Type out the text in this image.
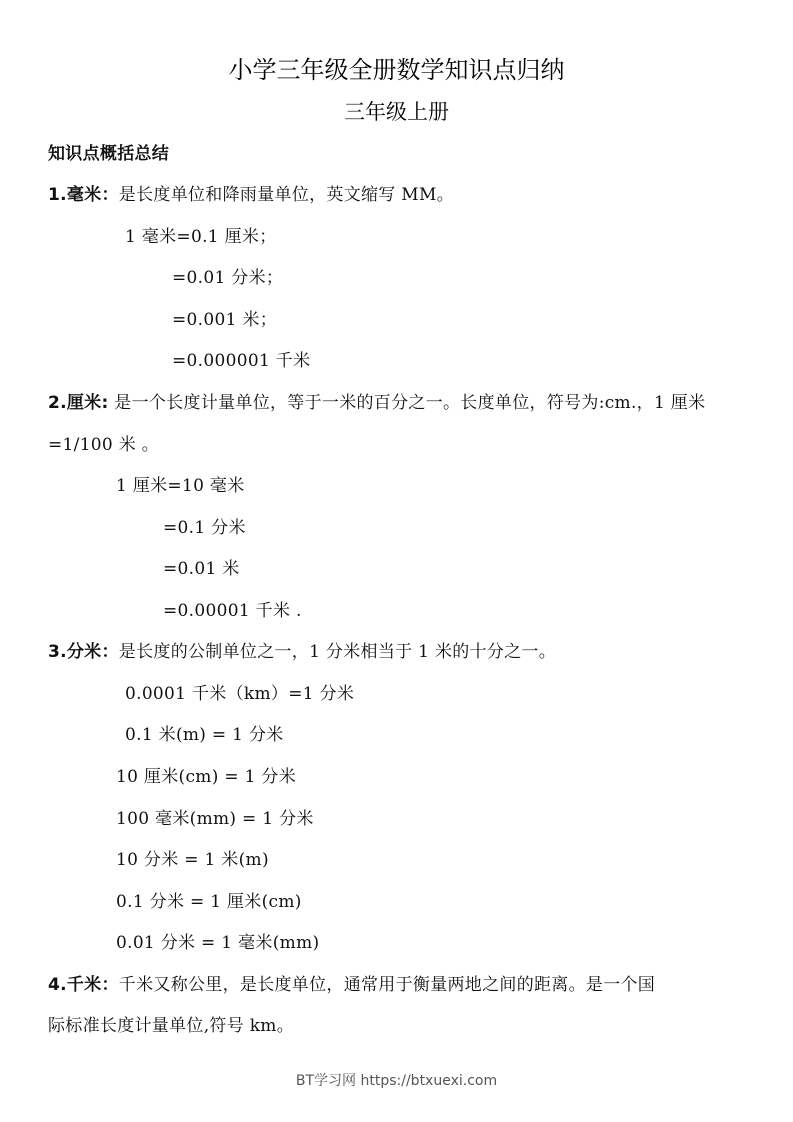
小学三年级全册数学知识点归纳
三年级上册
知识点概括总结
1.毫米：是长度单位和降雨量单位，英文缩写 MM。
1 毫米=0.1 厘米；
=0.01 分米；
=0.001 米；
=0.000001 千米
2.厘米: 是一个长度计量单位，等于一米的百分之一。长度单位，符号为:cm.，1 厘米
=1/100 米 。
1 厘米=10 毫米
=0.1 分米
=0.01 米
=0.00001 千米 .
3.分米：是长度的公制单位之一，1 分米相当于 1 米的十分之一。
0.0001 千米（km）=1 分米
0.1 米(m) = 1 分米
10 厘米(cm) = 1 分米
100 毫米(mm) = 1 分米
10 分米 = 1 米(m)
0.1 分米 = 1 厘米(cm)
0.01 分米 = 1 毫米(mm)
4.千米：千米又称公里，是长度单位，通常用于衡量两地之间的距离。是一个国
际标准长度计量单位,符号 km。
BT学习网 https://btxuexi.com
